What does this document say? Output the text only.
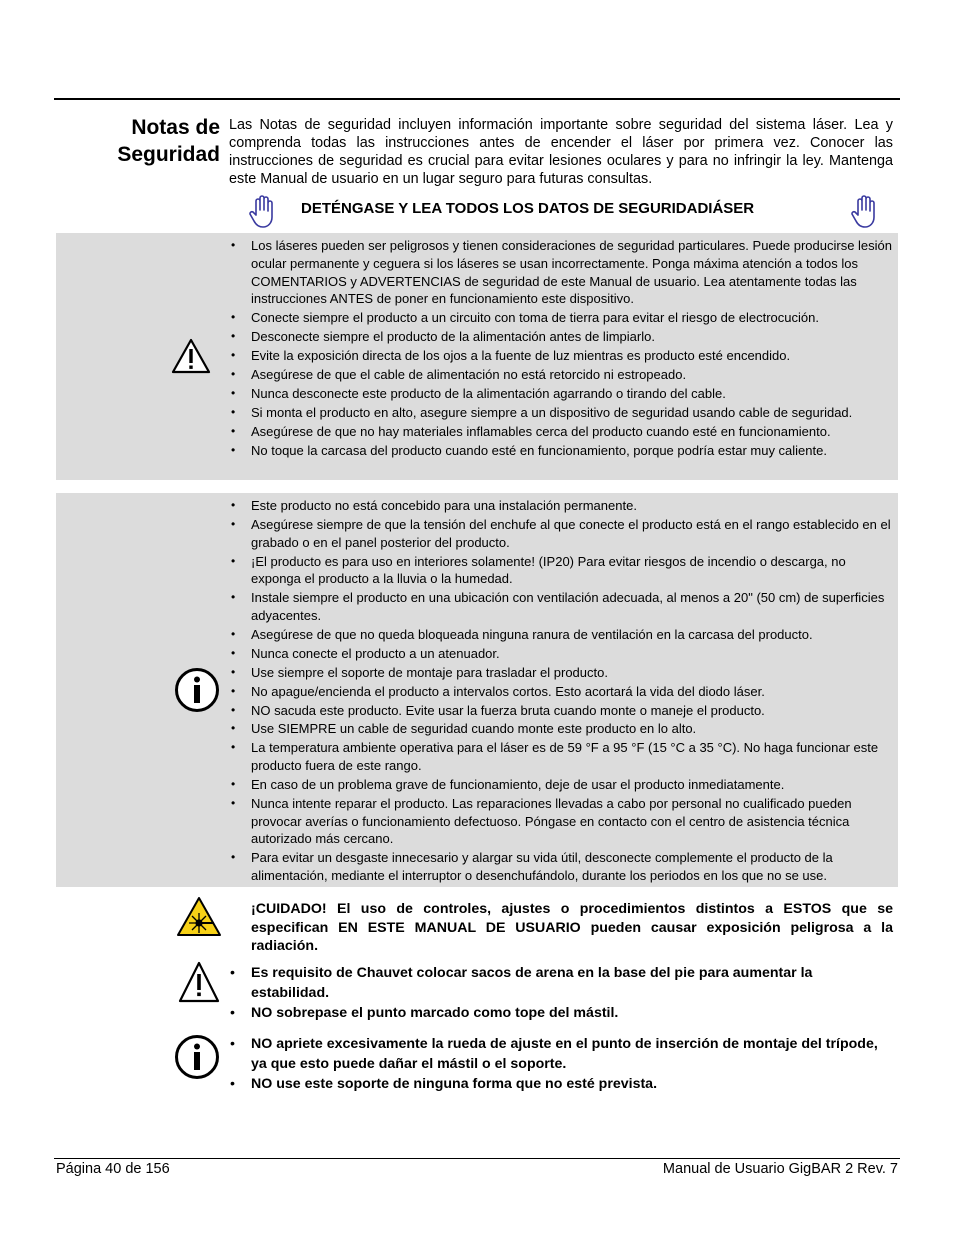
Notas de
Seguridad
Las Notas de seguridad incluyen información importante sobre seguridad del sistema láser. Lea y comprenda todas las instrucciones antes de encender el láser por primera vez. Conocer las instrucciones de seguridad es crucial para evitar lesiones oculares y para no infringir la ley. Mantenga este Manual de usuario en un lugar seguro para futuras consultas.
DETÉNGASE Y LEA TODOS LOS DATOS DE SEGURIDADIÁSER
• Los láseres pueden ser peligrosos y tienen consideraciones de seguridad particulares. Puede producirse lesión ocular permanente y ceguera si los láseres se usan incorrectamente. Ponga máxima atención a todos los COMENTARIOS y ADVERTENCIAS de seguridad de este Manual de usuario. Lea atentamente todas las instrucciones ANTES de poner en funcionamiento este dispositivo.
• Conecte siempre el producto a un circuito con toma de tierra para evitar el riesgo de electrocución.
• Desconecte siempre el producto de la alimentación antes de limpiarlo.
• Evite la exposición directa de los ojos a la fuente de luz mientras es producto esté encendido.
• Asegúrese de que el cable de alimentación no está retorcido ni estropeado.
• Nunca desconecte este producto de la alimentación agarrando o tirando del cable.
• Si monta el producto en alto, asegure siempre a un dispositivo de seguridad usando cable de seguridad.
• Asegúrese de que no hay materiales inflamables cerca del producto cuando esté en funcionamiento.
• No toque la carcasa del producto cuando esté en funcionamiento, porque podría estar muy caliente.
• Este producto no está concebido para una instalación permanente.
• Asegúrese siempre de que la tensión del enchufe al que conecte el producto está en el rango establecido en el grabado o en el panel posterior del producto.
• ¡El producto es para uso en interiores solamente! (IP20) Para evitar riesgos de incendio o descarga, no exponga el producto a la lluvia o la humedad.
• Instale siempre el producto en una ubicación con ventilación adecuada, al menos a 20" (50 cm) de superficies adyacentes.
• Asegúrese de que no queda bloqueada ninguna ranura de ventilación en la carcasa del producto.
• Nunca conecte el producto a un atenuador.
• Use siempre el soporte de montaje para trasladar el producto.
• No apague/encienda el producto a intervalos cortos. Esto acortará la vida del diodo láser.
• NO sacuda este producto. Evite usar la fuerza bruta cuando monte o maneje el producto.
• Use SIEMPRE un cable de seguridad cuando monte este producto en lo alto.
• La temperatura ambiente operativa para el láser es de 59 °F a 95 °F (15 °C a 35 °C). No haga funcionar este producto fuera de este rango.
• En caso de un problema grave de funcionamiento, deje de usar el producto inmediatamente.
• Nunca intente reparar el producto. Las reparaciones llevadas a cabo por personal no cualificado pueden provocar averías o funcionamiento defectuoso. Póngase en contacto con el centro de asistencia técnica autorizado más cercano.
• Para evitar un desgaste innecesario y alargar su vida útil, desconecte complemente el producto de la alimentación, mediante el interruptor o desenchufándolo, durante los periodos en los que no se use.
¡CUIDADO! El uso de controles, ajustes o procedimientos distintos a ESTOS que se especifican EN ESTE MANUAL DE USUARIO pueden causar exposición peligrosa a la radiación.
• Es requisito de Chauvet colocar sacos de arena en la base del pie para aumentar la estabilidad.
• NO sobrepase el punto marcado como tope del mástil.
• NO apriete excesivamente la rueda de ajuste en el punto de inserción de montaje del trípode, ya que esto puede dañar el mástil o el soporte.
• NO use este soporte de ninguna forma que no esté prevista.
Página 40 de 156	Manual de Usuario GigBAR 2 Rev. 7
